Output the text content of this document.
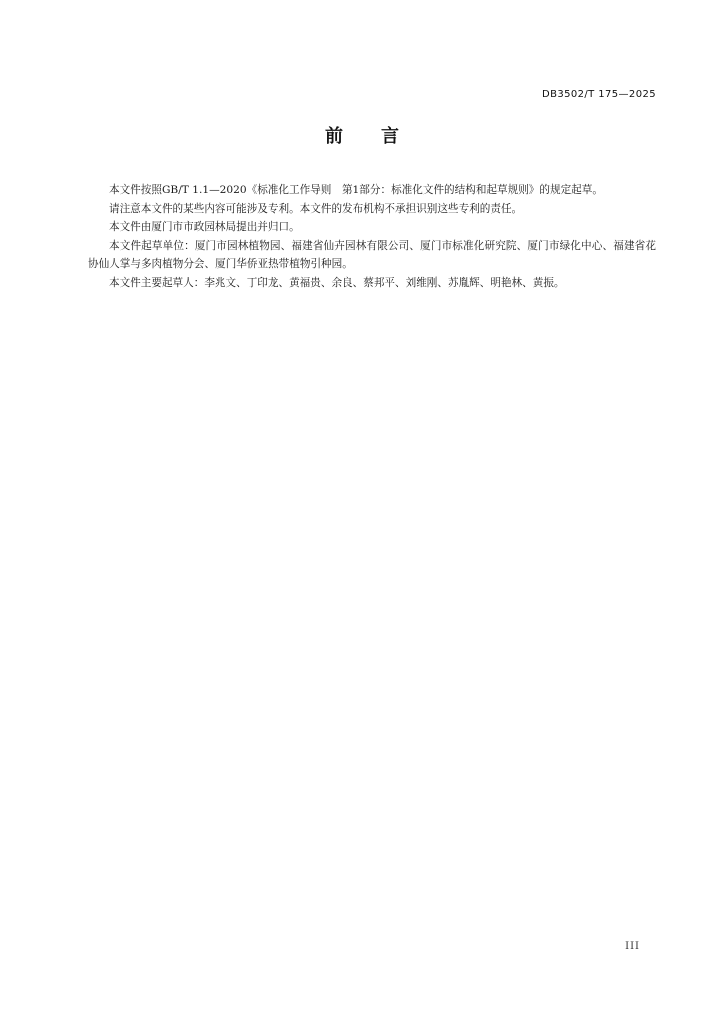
DB3502/T 175—2025
前言

本文件按照GB/T 1.1—2020《标准化工作导则　第1部分：标准化文件的结构和起草规则》的规定起草。

请注意本文件的某些内容可能涉及专利。本文件的发布机构不承担识别这些专利的责任。

本文件由厦门市市政园林局提出并归口。

本文件起草单位：厦门市园林植物园、福建省仙卉园林有限公司、厦门市标准化研究院、厦门市绿化中心、福建省花协仙人掌与多肉植物分会、厦门华侨亚热带植物引种园。

本文件主要起草人：李兆文、丁印龙、黄福贵、余良、蔡邦平、刘维刚、苏胤辉、明艳林、黄振。

III
